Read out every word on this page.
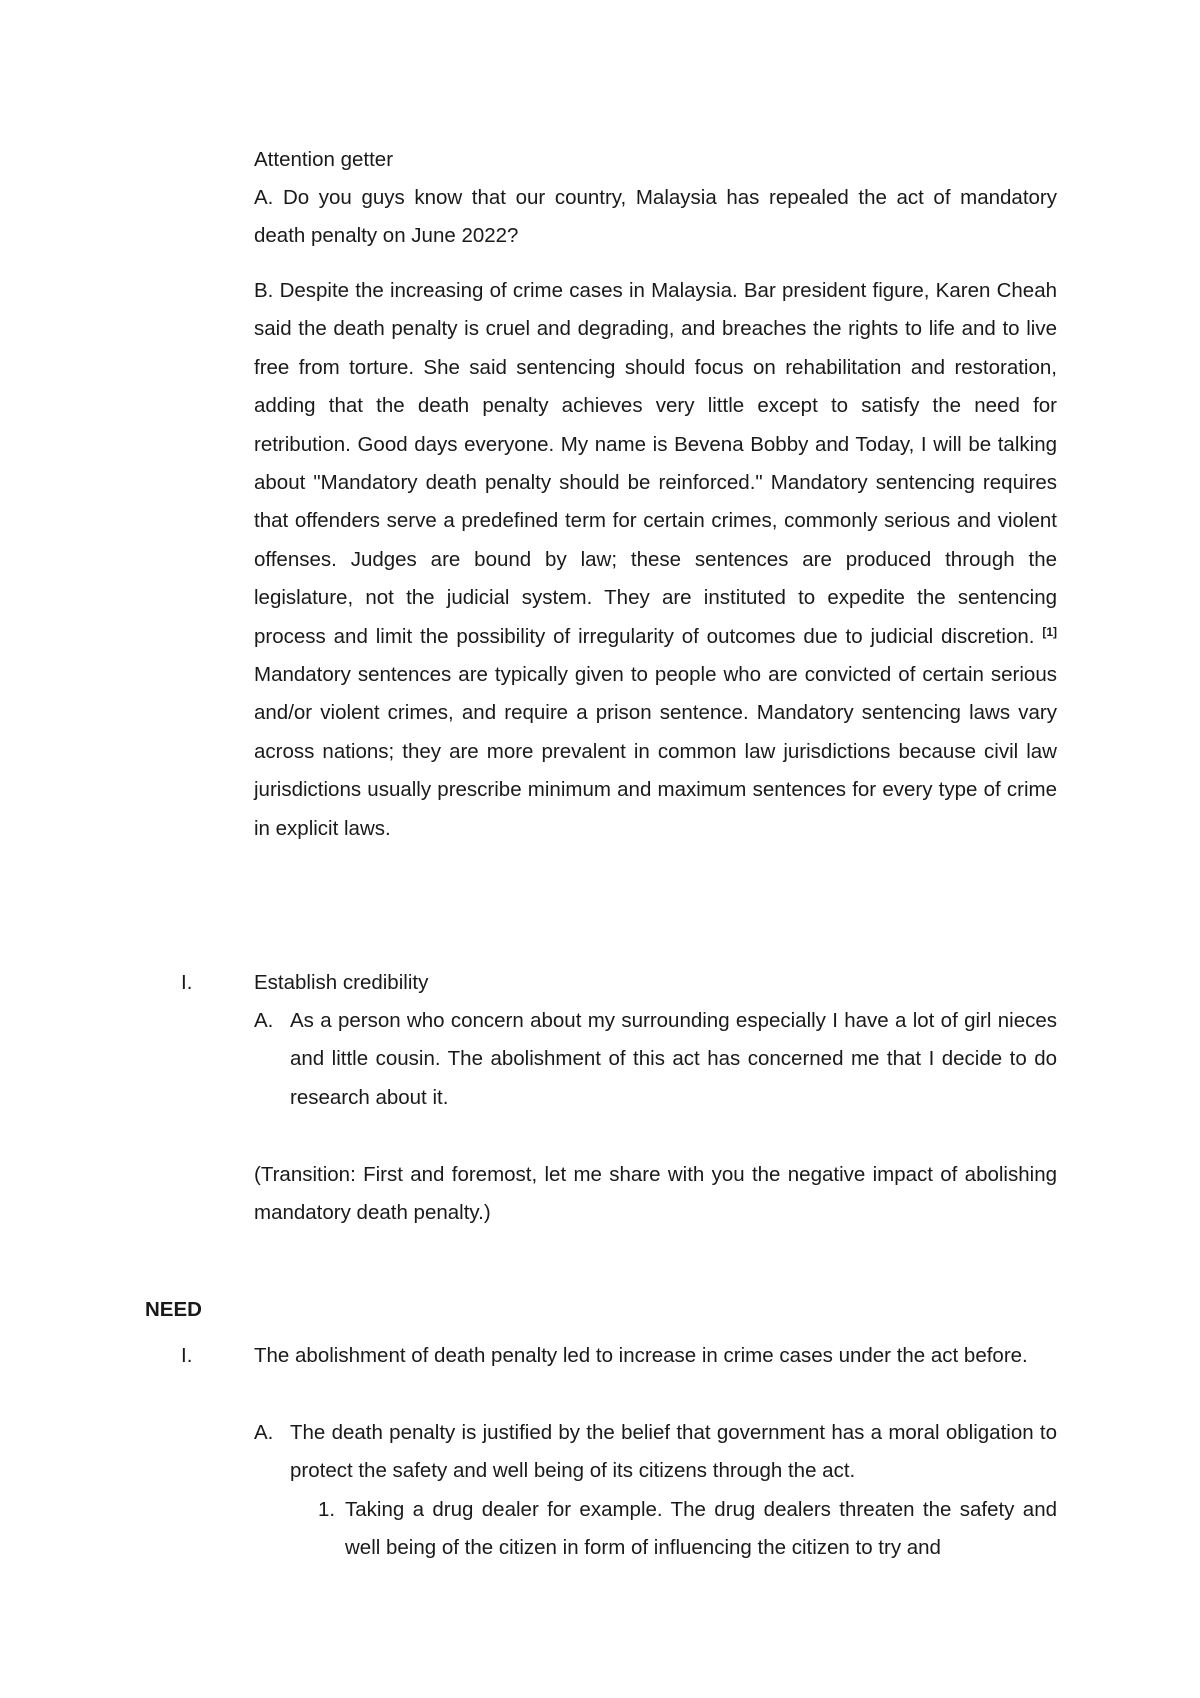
Attention getter

A. Do you guys know that our country, Malaysia has repealed the act of mandatory death penalty on June 2022?

B. Despite the increasing of crime cases in Malaysia. Bar president figure, Karen Cheah said the death penalty is cruel and degrading, and breaches the rights to life and to live free from torture. She said sentencing should focus on rehabilitation and restoration, adding that the death penalty achieves very little except to satisfy the need for retribution. Good days everyone. My name is Bevena Bobby and Today, I will be talking about "Mandatory death penalty should be reinforced." Mandatory sentencing requires that offenders serve a predefined term for certain crimes, commonly serious and violent offenses. Judges are bound by law; these sentences are produced through the legislature, not the judicial system. They are instituted to expedite the sentencing process and limit the possibility of irregularity of outcomes due to judicial discretion. [1] Mandatory sentences are typically given to people who are convicted of certain serious and/or violent crimes, and require a prison sentence. Mandatory sentencing laws vary across nations; they are more prevalent in common law jurisdictions because civil law jurisdictions usually prescribe minimum and maximum sentences for every type of crime in explicit laws.

I.	Establish credibility

A. As a person who concern about my surrounding especially I have a lot of girl nieces and little cousin. The abolishment of this act has concerned me that I decide to do research about it.

(Transition: First and foremost, let me share with you the negative impact of abolishing mandatory death penalty.)

NEED

I.	The abolishment of death penalty led to increase in crime cases under the act before.

A. The death penalty is justified by the belief that government has a moral obligation to protect the safety and well being of its citizens through the act.
1. Taking a drug dealer for example. The drug dealers threaten the safety and well being of the citizen in form of influencing the citizen to try and
